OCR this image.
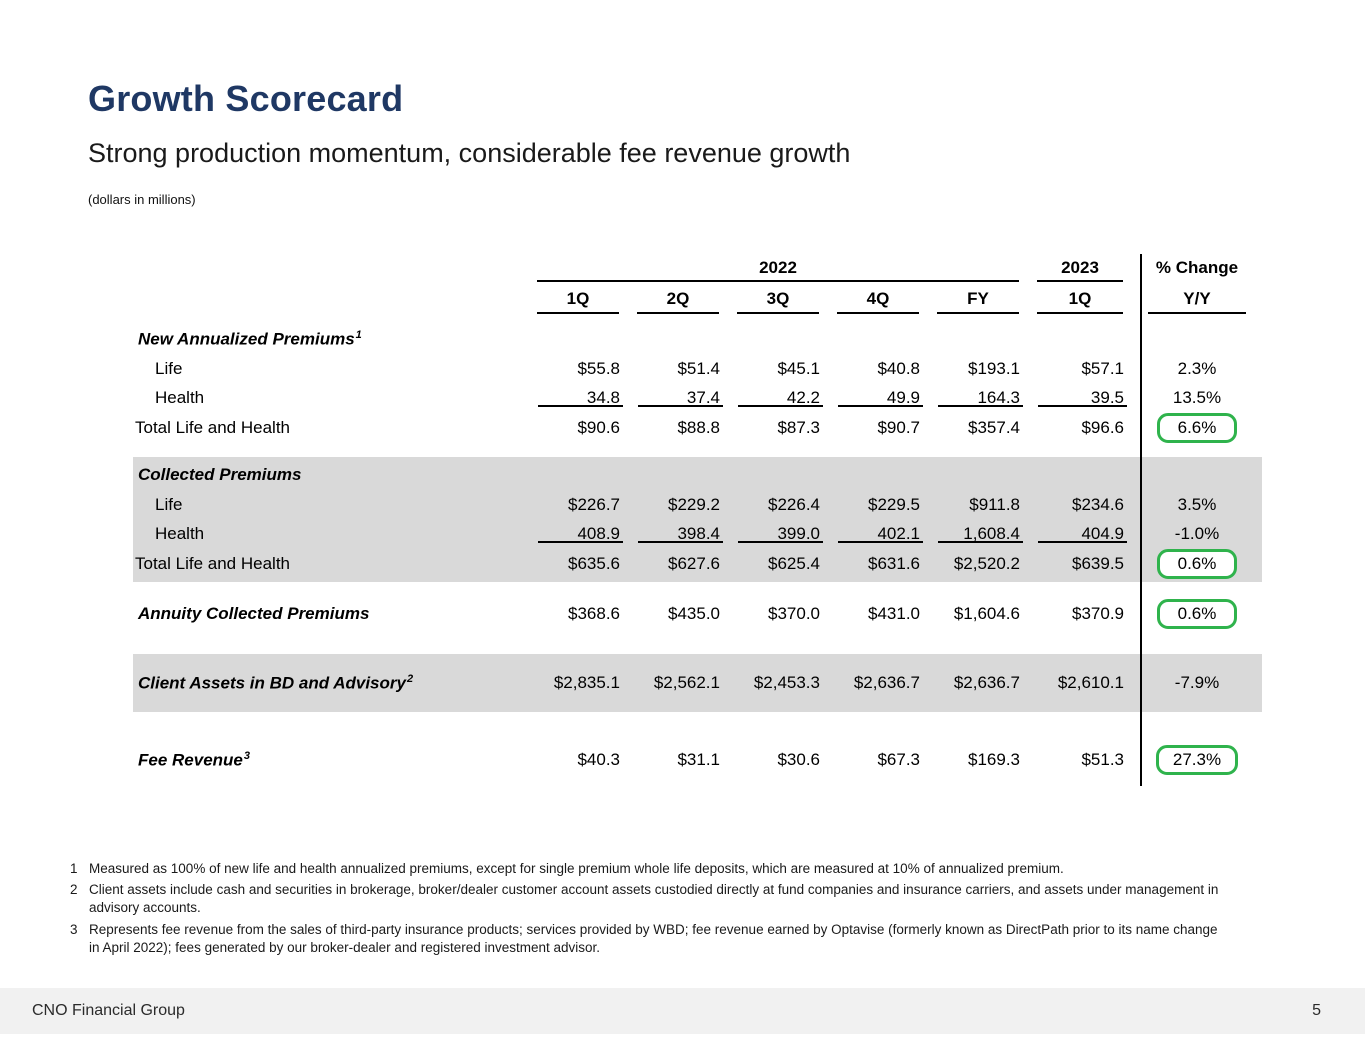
Growth Scorecard
Strong production momentum, considerable fee revenue growth
(dollars in millions)
2022	2023	% Change
1Q	2Q	3Q	4Q	FY	1Q	Y/Y
New Annualized Premiums$^1$
Life	$55.8	$51.4	$45.1	$40.8	$193.1	$57.1	2.3%
Health	34.8	37.4	42.2	49.9	164.3	39.5	13.5%
Total Life and Health	$90.6	$88.8	$87.3	$90.7	$357.4	$96.6	6.6%
Collected Premiums
Life	$226.7	$229.2	$226.4	$229.5	$911.8	$234.6	3.5%
Health	408.9	398.4	399.0	402.1	1,608.4	404.9	-1.0%
Total Life and Health	$635.6	$627.6	$625.4	$631.6	$2,520.2	$639.5	0.6%
Annuity Collected Premiums	$368.6	$435.0	$370.0	$431.0	$1,604.6	$370.9	0.6%
Client Assets in BD and Advisory$^2$	$2,835.1	$2,562.1	$2,453.3	$2,636.7	$2,636.7	$2,610.1	-7.9%
Fee Revenue$^3$	$40.3	$31.1	$30.6	$67.3	$169.3	$51.3	27.3%
1 Measured as 100% of new life and health annualized premiums, except for single premium whole life deposits, which are measured at 10% of annualized premium.
2 Client assets include cash and securities in brokerage, broker/dealer customer account assets custodied directly at fund companies and insurance carriers, and assets under management in advisory accounts.
3 Represents fee revenue from the sales of third-party insurance products; services provided by WBD; fee revenue earned by Optavise (formerly known as DirectPath prior to its name change in April 2022); fees generated by our broker-dealer and registered investment advisor.
CNO Financial Group	5
